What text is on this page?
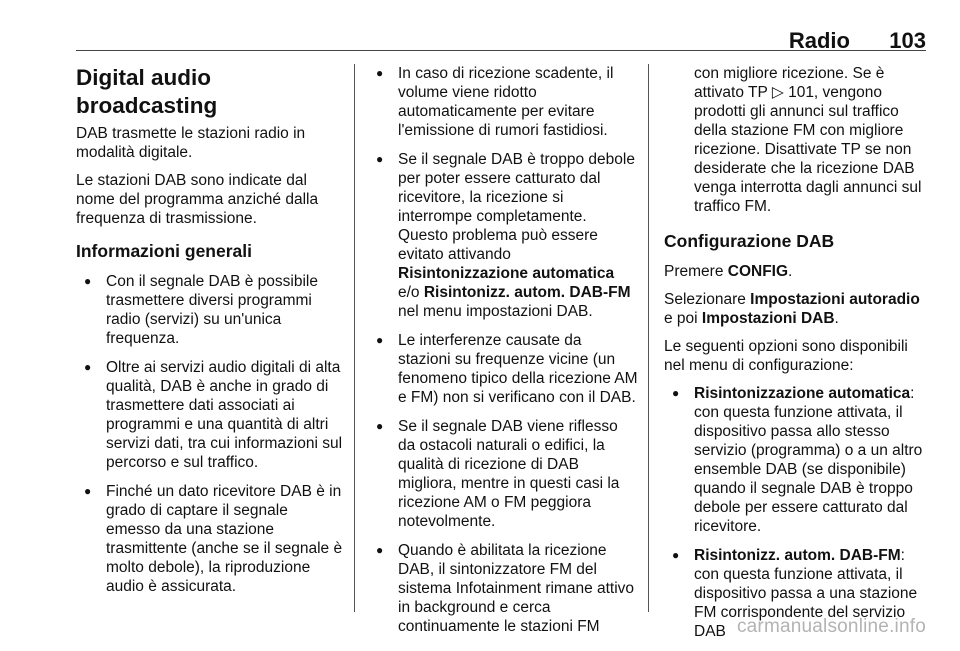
Radio	103
Digital audio broadcasting

DAB trasmette le stazioni radio in modalità digitale.

Le stazioni DAB sono indicate dal nome del programma anziché dalla frequenza di trasmissione.

Informazioni generali
● Con il segnale DAB è possibile trasmettere diversi programmi radio (servizi) su un'unica frequenza.
● Oltre ai servizi audio digitali di alta qualità, DAB è anche in grado di trasmettere dati associati ai programmi e una quantità di altri servizi dati, tra cui informazioni sul percorso e sul traffico.
● Finché un dato ricevitore DAB è in grado di captare il segnale emesso da una stazione trasmittente (anche se il segnale è molto debole), la riproduzione audio è assicurata.
● In caso di ricezione scadente, il volume viene ridotto automaticamente per evitare l'emissione di rumori fastidiosi.
● Se il segnale DAB è troppo debole per poter essere catturato dal ricevitore, la ricezione si interrompe completamente. Questo problema può essere evitato attivando Risintonizzazione automatica e/o Risintonizz. autom. DAB-FM nel menu impostazioni DAB.
● Le interferenze causate da stazioni su frequenze vicine (un fenomeno tipico della ricezione AM e FM) non si verificano con il DAB.
● Se il segnale DAB viene riflesso da ostacoli naturali o edifici, la qualità di ricezione di DAB migliora, mentre in questi casi la ricezione AM o FM peggiora notevolmente.
● Quando è abilitata la ricezione DAB, il sintonizzatore FM del sistema Infotainment rimane attivo in background e cerca continuamente le stazioni FM

con migliore ricezione. Se è attivato TP ▷ 101, vengono prodotti gli annunci sul traffico della stazione FM con migliore ricezione. Disattivate TP se non desiderate che la ricezione DAB venga interrotta dagli annunci sul traffico FM.

Configurazione DAB

Premere CONFIG.

Selezionare Impostazioni autoradio e poi Impostazioni DAB.

Le seguenti opzioni sono disponibili nel menu di configurazione:

● Risintonizzazione automatica: con questa funzione attivata, il dispositivo passa allo stesso servizio (programma) o a un altro ensemble DAB (se disponibile) quando il segnale DAB è troppo debole per essere catturato dal ricevitore.
● Risintonizz. autom. DAB-FM: con questa funzione attivata, il dispositivo passa a una stazione FM corrispondente del servizio DAB carmanualsonline.info
